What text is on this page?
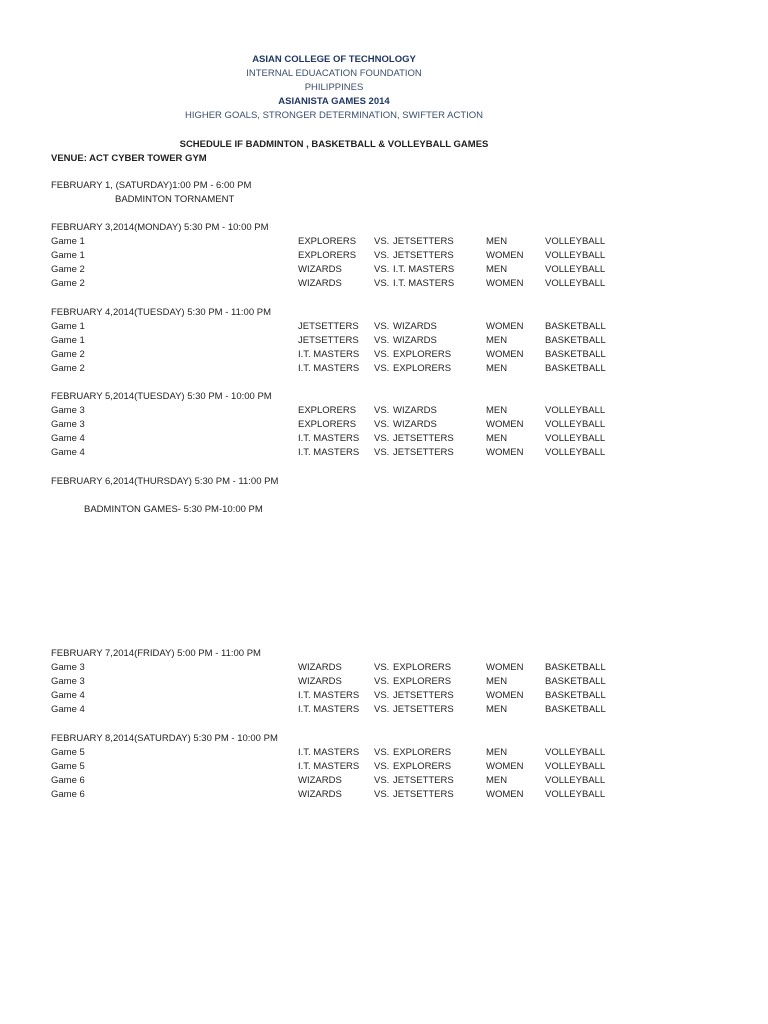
ASIAN COLLEGE OF TECHNOLOGY
INTERNAL EDUACATION FOUNDATION
PHILIPPINES
ASIANISTA GAMES 2014
HIGHER GOALS, STRONGER DETERMINATION, SWIFTER ACTION
SCHEDULE IF BADMINTON , BASKETBALL & VOLLEYBALL GAMES
VENUE: ACT CYBER TOWER GYM
FEBRUARY 1, (SATURDAY)1:00 PM - 6:00 PM
BADMINTON TORNAMENT
FEBRUARY 3,2014(MONDAY) 5:30 PM - 10:00 PM
Game 1	EXPLORERS VS. JETSETTERS	MEN	VOLLEYBALL
Game 1	EXPLORERS VS. JETSETTERS	WOMEN VOLLEYBALL
Game 2	WIZARDS	VS. I.T. MASTERS	MEN	VOLLEYBALL
Game 2	WIZARDS	VS. I.T. MASTERS	WOMEN VOLLEYBALL
FEBRUARY 4,2014(TUESDAY) 5:30 PM - 11:00 PM
Game 1	JETSETTERS VS. WIZARDS	WOMEN BASKETBALL
Game 1	JETSETTERS VS. WIZARDS	MEN	BASKETBALL
Game 2	I.T. MASTERS VS. EXPLORERS	WOMEN BASKETBALL
Game 2	I.T. MASTERS VS. EXPLORERS	MEN	BASKETBALL
FEBRUARY 5,2014(TUESDAY) 5:30 PM - 10:00 PM
Game 3	EXPLORERS VS. WIZARDS	MEN	VOLLEYBALL
Game 3	EXPLORERS VS. WIZARDS	WOMEN VOLLEYBALL
Game 4	I.T. MASTERS VS. JETSETTERS	MEN	VOLLEYBALL
Game 4	I.T. MASTERS VS. JETSETTERS	WOMEN VOLLEYBALL
FEBRUARY 6,2014(THURSDAY) 5:30 PM - 11:00 PM
BADMINTON GAMES- 5:30 PM-10:00 PM
FEBRUARY 7,2014(FRIDAY) 5:00 PM - 11:00 PM
Game 3	WIZARDS	VS. EXPLORERS	WOMEN BASKETBALL
Game 3	WIZARDS	VS. EXPLORERS	MEN	BASKETBALL
Game 4	I.T. MASTERS VS. JETSETTERS	WOMEN BASKETBALL
Game 4	I.T. MASTERS VS. JETSETTERS	MEN	BASKETBALL
FEBRUARY 8,2014(SATURDAY) 5:30 PM - 10:00 PM
Game 5	I.T. MASTERS VS. EXPLORERS	MEN	VOLLEYBALL
Game 5	I.T. MASTERS VS. EXPLORERS	WOMEN VOLLEYBALL
Game 6	WIZARDS	VS. JETSETTERS	MEN	VOLLEYBALL
Game 6	WIZARDS	VS. JETSETTERS	WOMEN VOLLEYBALL
